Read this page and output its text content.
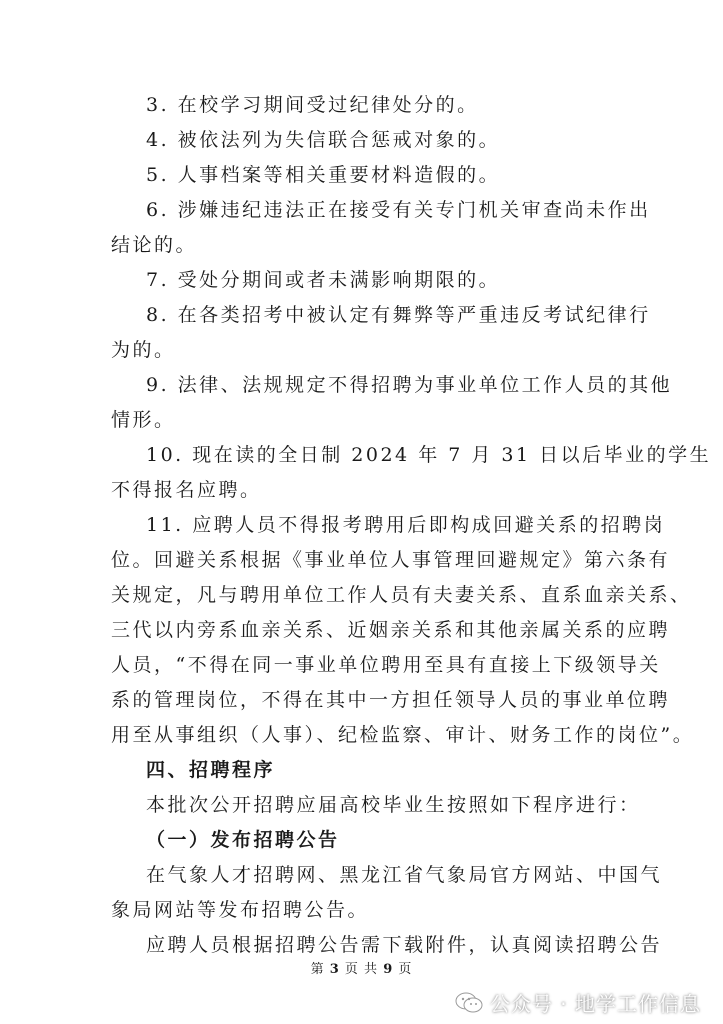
3. 在校学习期间受过纪律处分的。
4. 被依法列为失信联合惩戒对象的。
5. 人事档案等相关重要材料造假的。
6. 涉嫌违纪违法正在接受有关专门机关审查尚未作出
结论的。
7. 受处分期间或者未满影响期限的。
8. 在各类招考中被认定有舞弊等严重违反考试纪律行
为的。
9. 法律、法规规定不得招聘为事业单位工作人员的其他
情形。
10. 现在读的全日制 2024 年 7 月 31 日以后毕业的学生
不得报名应聘。
11. 应聘人员不得报考聘用后即构成回避关系的招聘岗
位。回避关系根据《事业单位人事管理回避规定》第六条有
关规定，凡与聘用单位工作人员有夫妻关系、直系血亲关系、
三代以内旁系血亲关系、近姻亲关系和其他亲属关系的应聘
人员，“不得在同一事业单位聘用至具有直接上下级领导关
系的管理岗位，不得在其中一方担任领导人员的事业单位聘
用至从事组织（人事）、纪检监察、审计、财务工作的岗位”。
四、招聘程序
本批次公开招聘应届高校毕业生按照如下程序进行：
（一）发布招聘公告
在气象人才招聘网、黑龙江省气象局官方网站、中国气
象局网站等发布招聘公告。
应聘人员根据招聘公告需下载附件，认真阅读招聘公告
第 3 页 共 9 页
公众号 · 地学工作信息
